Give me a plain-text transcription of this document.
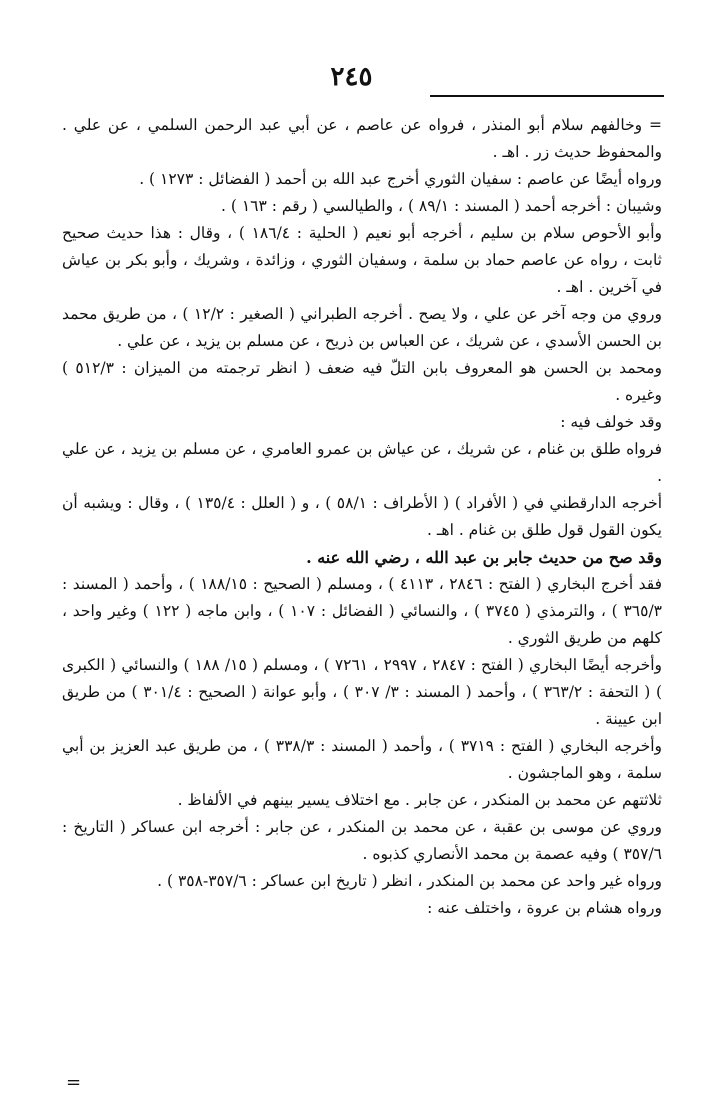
٢٤٥

= وخالفهم سلام أبو المنذر ، فرواه عن عاصم ، عن أبي عبد الرحمن السلمي ، عن علي . والمحفوظ حديث زر . اهـ .

ورواه أيضًا عن عاصم : سفيان الثوري أخرج عبد الله بن أحمد ( الفضائل : ١٢٧٣ ) .

وشيبان : أخرجه أحمد ( المسند : ٨٩/١ ) ، والطيالسي ( رقم : ١٦٣ ) .

وأبو الأحوص سلام بن سليم ، أخرجه أبو نعيم ( الحلية : ١٨٦/٤ ) ، وقال : هذا حديث صحيح ثابت ، رواه عن عاصم حماد بن سلمة ، وسفيان الثوري ، وزائدة ، وشريك ، وأبو بكر بن عياش في آخرين . اهـ .

وروي من وجه آخر عن علي ، ولا يصح . أخرجه الطبراني ( الصغير : ١٢/٢ ) ، من طريق محمد بن الحسن الأسدي ، عن شريك ، عن العباس بن ذريح ، عن مسلم بن يزيد ، عن علي .

ومحمد بن الحسن هو المعروف بابن التلّ فيه ضعف ( انظر ترجمته من الميزان : ٥١٢/٣ ) وغيره .

وقد خولف فيه :

فرواه طلق بن غنام ، عن شريك ، عن عياش بن عمرو العامري ، عن مسلم بن يزيد ، عن علي .

أخرجه الدارقطني في ( الأفراد ) ( الأطراف : ٥٨/١ ) ، و ( العلل : ١٣٥/٤ ) ، وقال : ويشبه أن يكون القول قول طلق بن غنام . اهـ .

وقد صح من حديث جابر بن عبد الله ، رضي الله عنه .

فقد أخرج البخاري ( الفتح : ٢٨٤٦ ، ٤١١٣ ) ، ومسلم ( الصحيح : ١٨٨/١٥ ) ، وأحمد ( المسند : ٣٦٥/٣ ) ، والترمذي ( ٣٧٤٥ ) ، والنسائي ( الفضائل : ١٠٧ ) ، وابن ماجه ( ١٢٢ ) وغير واحد ، كلهم من طريق الثوري .

وأخرجه أيضًا البخاري ( الفتح : ٢٨٤٧ ، ٢٩٩٧ ، ٧٢٦١ ) ، ومسلم ( ١٥/ ١٨٨ ) والنسائي ( الكبرى ) ( التحفة : ٣٦٣/٢ ) ، وأحمد ( المسند : ٣/ ٣٠٧ ) ، وأبو عوانة ( الصحيح : ٣٠١/٤ ) من طريق ابن عيينة .

وأخرجه البخاري ( الفتح : ٣٧١٩ ) ، وأحمد ( المسند : ٣٣٨/٣ ) ، من طريق عبد العزيز بن أبي سلمة ، وهو الماجشون .

ثلاثتهم عن محمد بن المنكدر ، عن جابر . مع اختلاف يسير بينهم في الألفاظ .

وروي عن موسى بن عقبة ، عن محمد بن المنكدر ، عن جابر : أخرجه ابن عساكر ( التاريخ : ٣٥٧/٦ ) وفيه عصمة بن محمد الأنصاري كذبوه .

ورواه غير واحد عن محمد بن المنكدر ، انظر ( تاريخ ابن عساكر : ٣٥٧/٦-٣٥٨ ) .

ورواه هشام بن عروة ، واختلف عنه :

=
